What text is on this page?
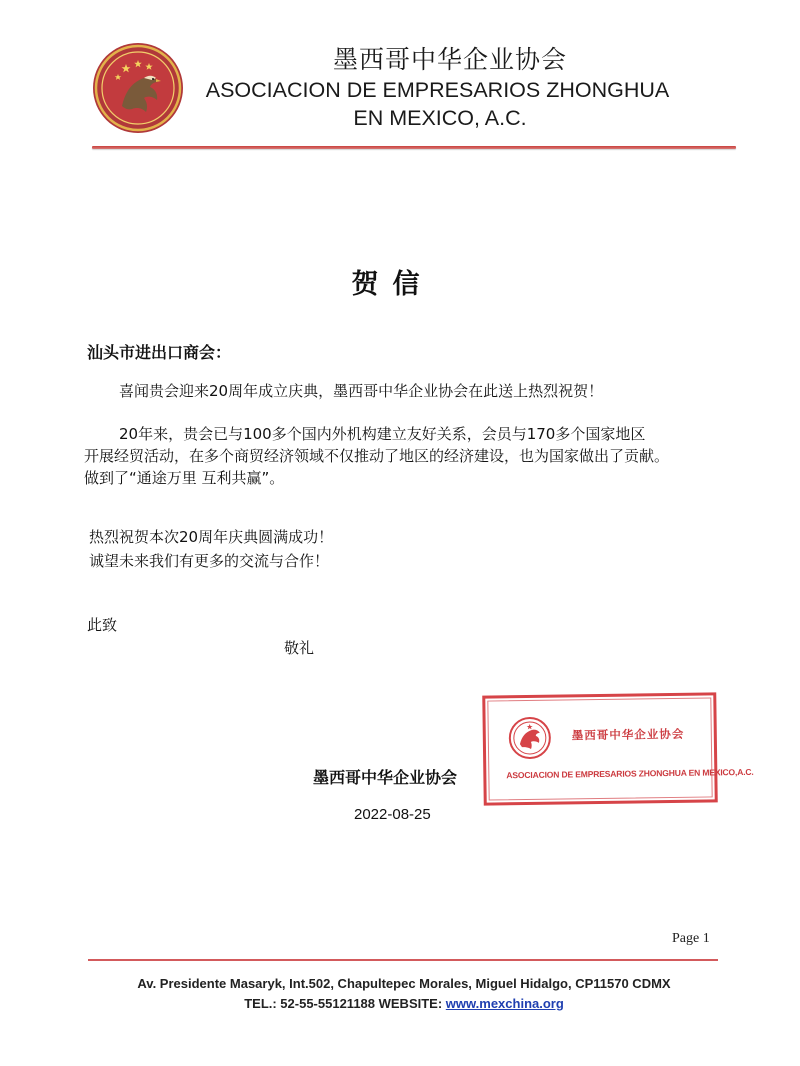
墨西哥中华企业协会
ASOCIACION DE EMPRESARIOS ZHONGHUA
EN MEXICO, A.C.
贺信
汕头市进出口商会：
喜闻贵会迎来20周年成立庆典，墨西哥中华企业协会在此送上热烈祝贺！
20年来，贵会已与100多个国内外机构建立友好关系，会员与170多个国家地区
开展经贸活动，在多个商贸经济领域不仅推动了地区的经济建设，也为国家做出了贡献。
做到了“通途万里 互利共赢”。
热烈祝贺本次20周年庆典圆满成功！
诚望未来我们有更多的交流与合作！
此致
敬礼
墨西哥中华企业协会
ASOCIACION DE EMPRESARIOS ZHONGHUA EN MEXICO,A.C.
墨西哥中华企业协会
2022-08-25
Page 1
Av. Presidente Masaryk, Int.502, Chapultepec Morales, Miguel Hidalgo, CP11570 CDMX
TEL.: 52-55-55121188 WEBSITE: www.mexchina.org
